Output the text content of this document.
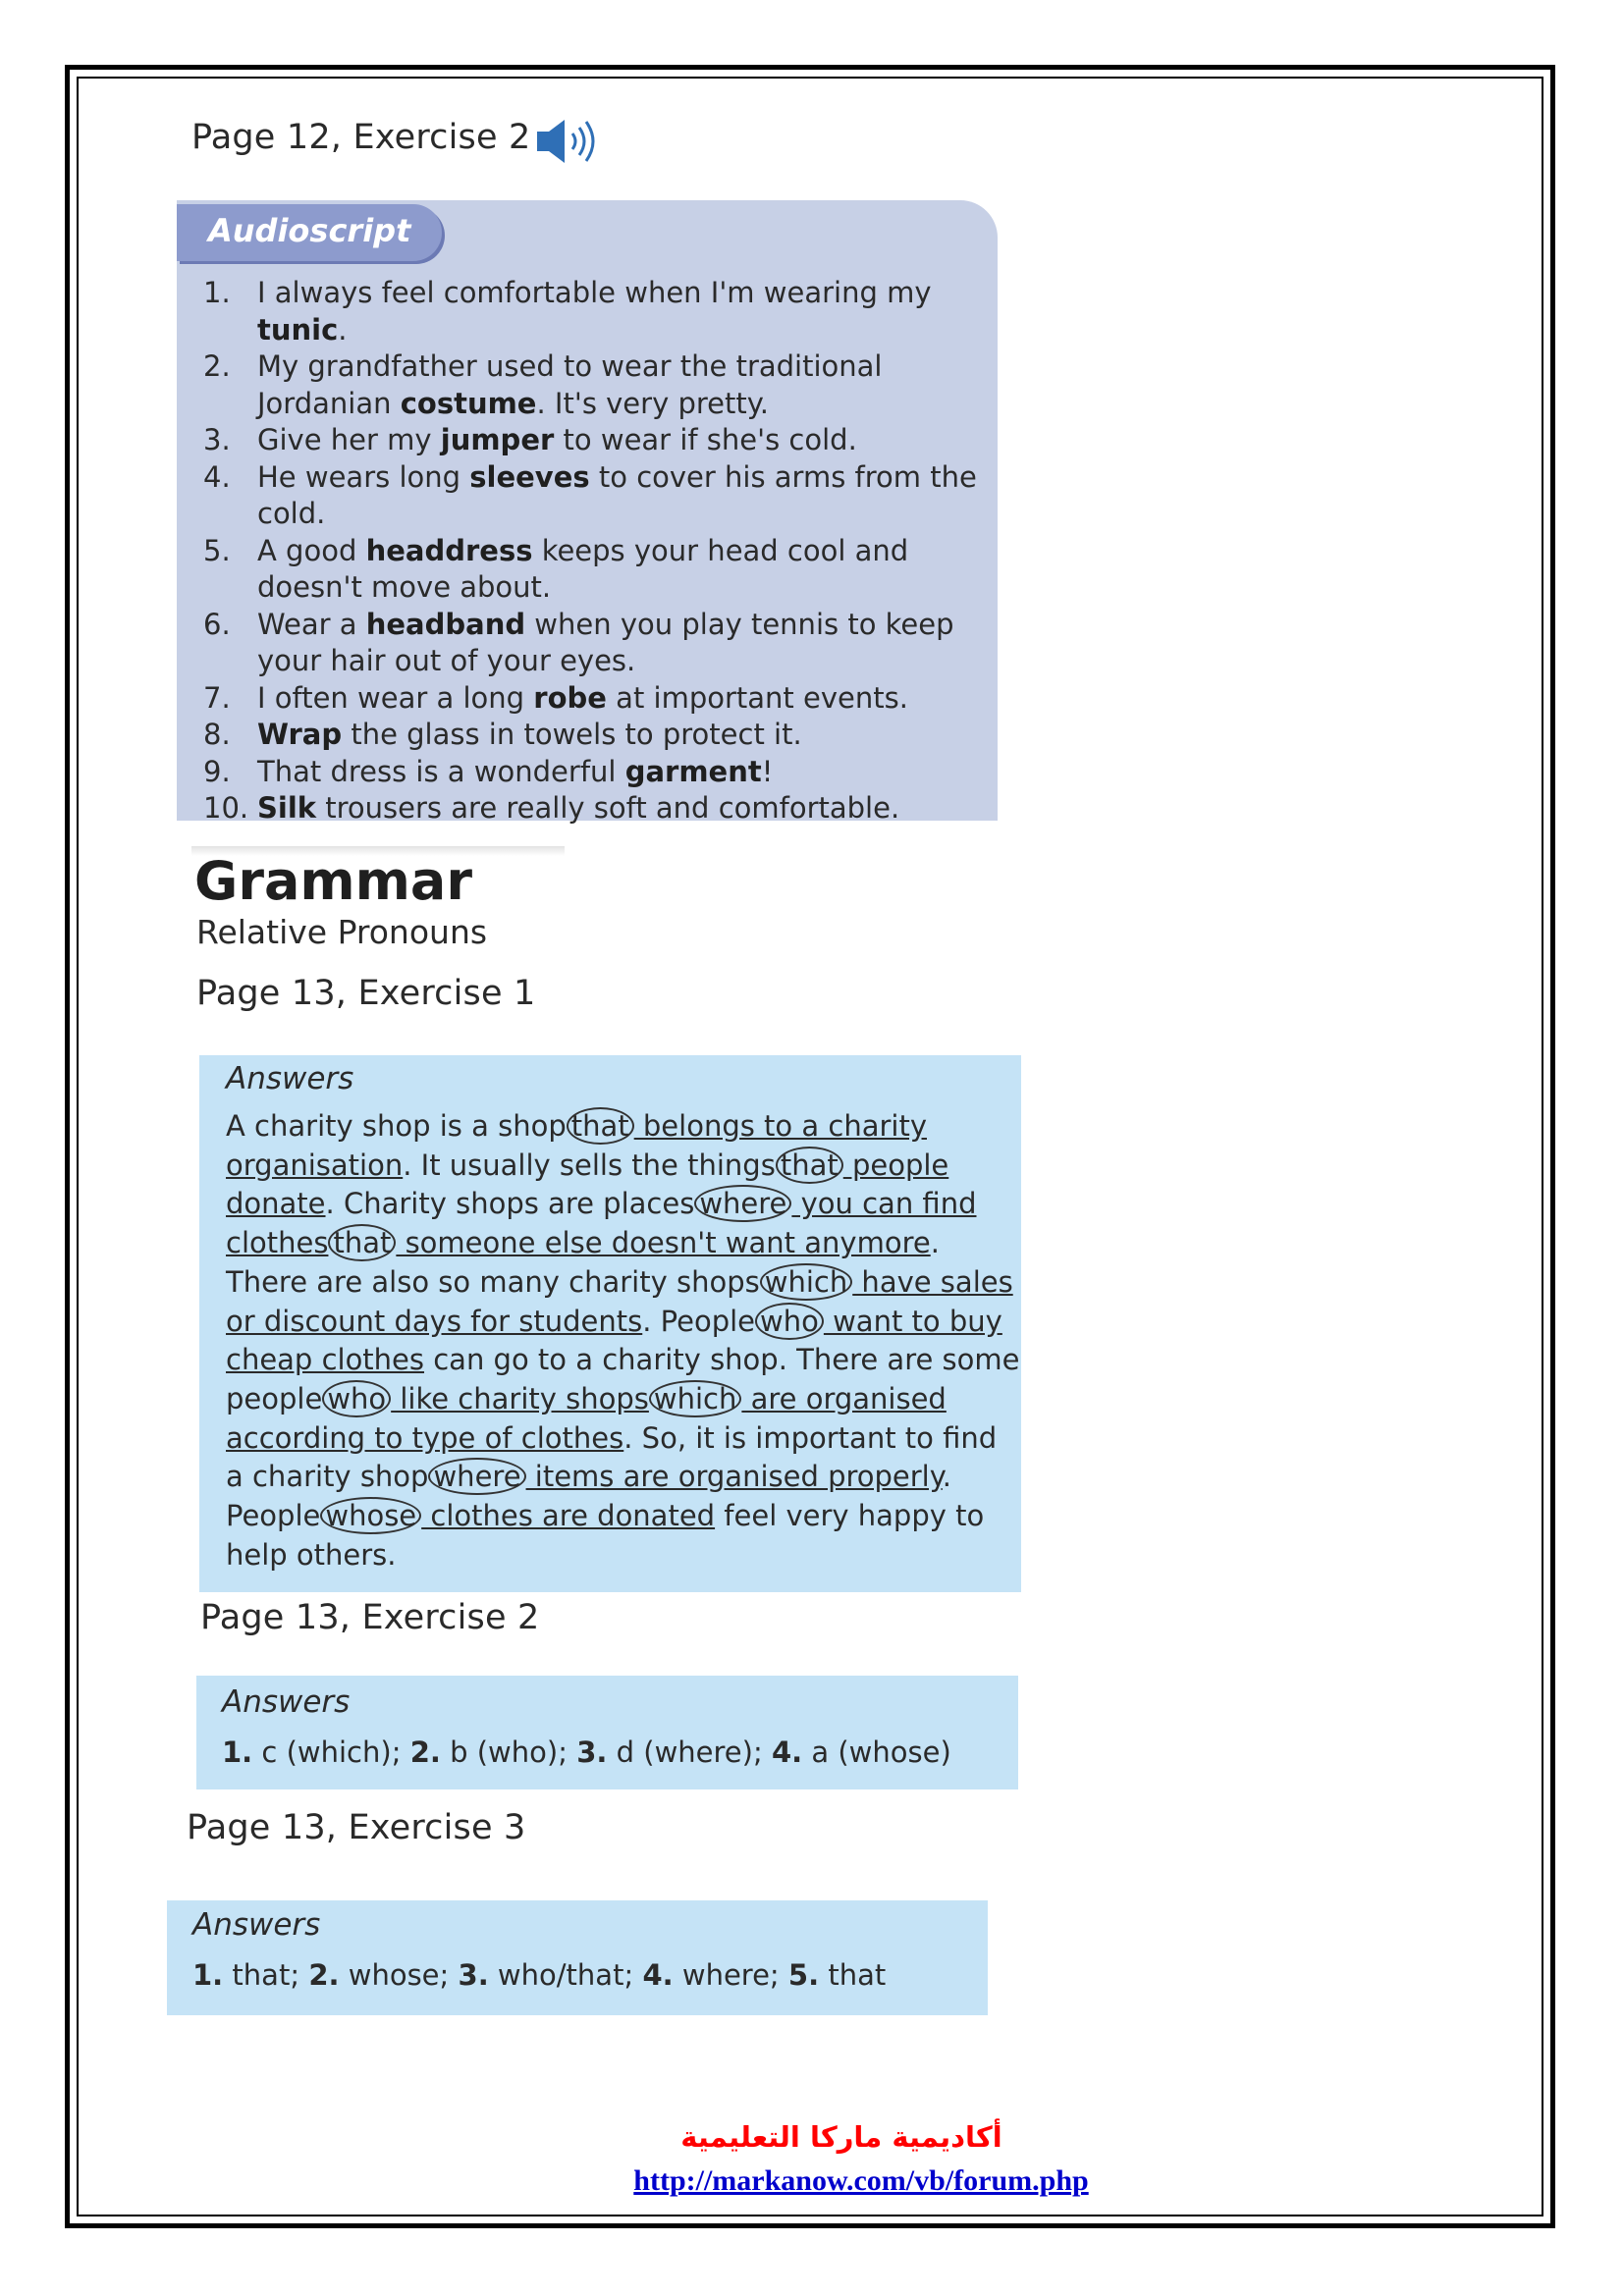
Page 12, Exercise 2
Audioscript
1. I always feel comfortable when I'm wearing my tunic.
2. My grandfather used to wear the traditional Jordanian costume. It's very pretty.
3. Give her my jumper to wear if she's cold.
4. He wears long sleeves to cover his arms from the cold.
5. A good headdress keeps your head cool and doesn't move about.
6. Wear a headband when you play tennis to keep your hair out of your eyes.
7. I often wear a long robe at important events.
8. Wrap the glass in towels to protect it.
9. That dress is a wonderful garment!
10. Silk trousers are really soft and comfortable.
Grammar
Relative Pronouns
Page 13, Exercise 1
Answers
A charity shop is a shop that belongs to a charity
organisation. It usually sells the things that people
donate. Charity shops are places where you can find
clothes that someone else doesn't want anymore.
There are also so many charity shops which have sales
or discount days for students. People who want to buy
cheap clothes can go to a charity shop. There are some
people who like charity shops which are organised
according to type of clothes. So, it is important to find
a charity shop where items are organised properly.
People whose clothes are donated feel very happy to
help others.
Page 13, Exercise 2
Answers
1. c (which); 2. b (who); 3. d (where); 4. a (whose)
Page 13, Exercise 3
Answers
1. that; 2. whose; 3. who/that; 4. where; 5. that
أكاديمية ماركا التعليمية
http://markanow.com/vb/forum.php
